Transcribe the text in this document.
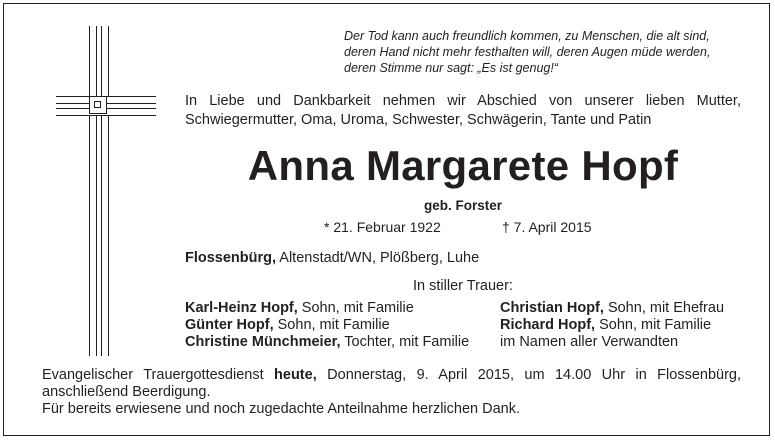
Der Tod kann auch freundlich kommen, zu Menschen, die alt sind,
deren Hand nicht mehr festhalten will, deren Augen müde werden,
deren Stimme nur sagt: „Es ist genug!“
In Liebe und Dankbarkeit nehmen wir Abschied von unserer lieben Mutter,
Schwiegermutter, Oma, Uroma, Schwester, Schwägerin, Tante und Patin
Anna Margarete Hopf
geb. Forster
* 21. Februar 1922	† 7. April 2015
Flossenbürg, Altenstadt/WN, Plößberg, Luhe
In stiller Trauer:
Karl-Heinz Hopf, Sohn, mit Familie
Günter Hopf, Sohn, mit Familie
Christine Münchmeier, Tochter, mit Familie
Christian Hopf, Sohn, mit Ehefrau
Richard Hopf, Sohn, mit Familie
im Namen aller Verwandten
Evangelischer Trauergottesdienst heute, Donnerstag, 9. April 2015, um 14.00 Uhr in Flossenbürg,
anschließend Beerdigung.
Für bereits erwiesene und noch zugedachte Anteilnahme herzlichen Dank.
